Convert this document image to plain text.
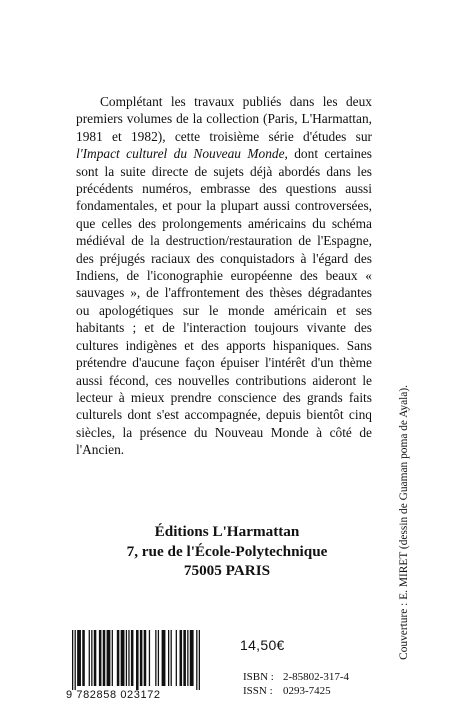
Complétant les travaux publiés dans les deux premiers volumes de la collection (Paris, L'Harmattan, 1981 et 1982), cette troisième série d'études sur l'Impact culturel du Nouveau Monde, dont certaines sont la suite directe de sujets déjà abordés dans les précédents numéros, embrasse des questions aussi fondamentales, et pour la plupart aussi controversées, que celles des prolongements américains du schéma médiéval de la destruction/restauration de l'Espagne, des préjugés raciaux des conquistadors à l'égard des Indiens, de l'iconographie européenne des beaux « sauvages », de l'affrontement des thèses dégradantes ou apologétiques sur le monde américain et ses habitants ; et de l'interaction toujours vivante des cultures indigènes et des apports hispaniques. Sans prétendre d'aucune façon épuiser l'intérêt d'un thème aussi fécond, ces nouvelles contributions aideront le lecteur à mieux prendre conscience des grands faits culturels dont s'est accompagnée, depuis bientôt cinq siècles, la présence du Nouveau Monde à côté de l'Ancien.

Éditions L'Harmattan
7, rue de l'École-Polytechnique
75005 PARIS	Couverture : E. MIRET (dessin de Guaman poma de Ayala).
9 782858 023172
14,50€
ISBN : 2-85802-317-4
ISSN : 0293-7425
